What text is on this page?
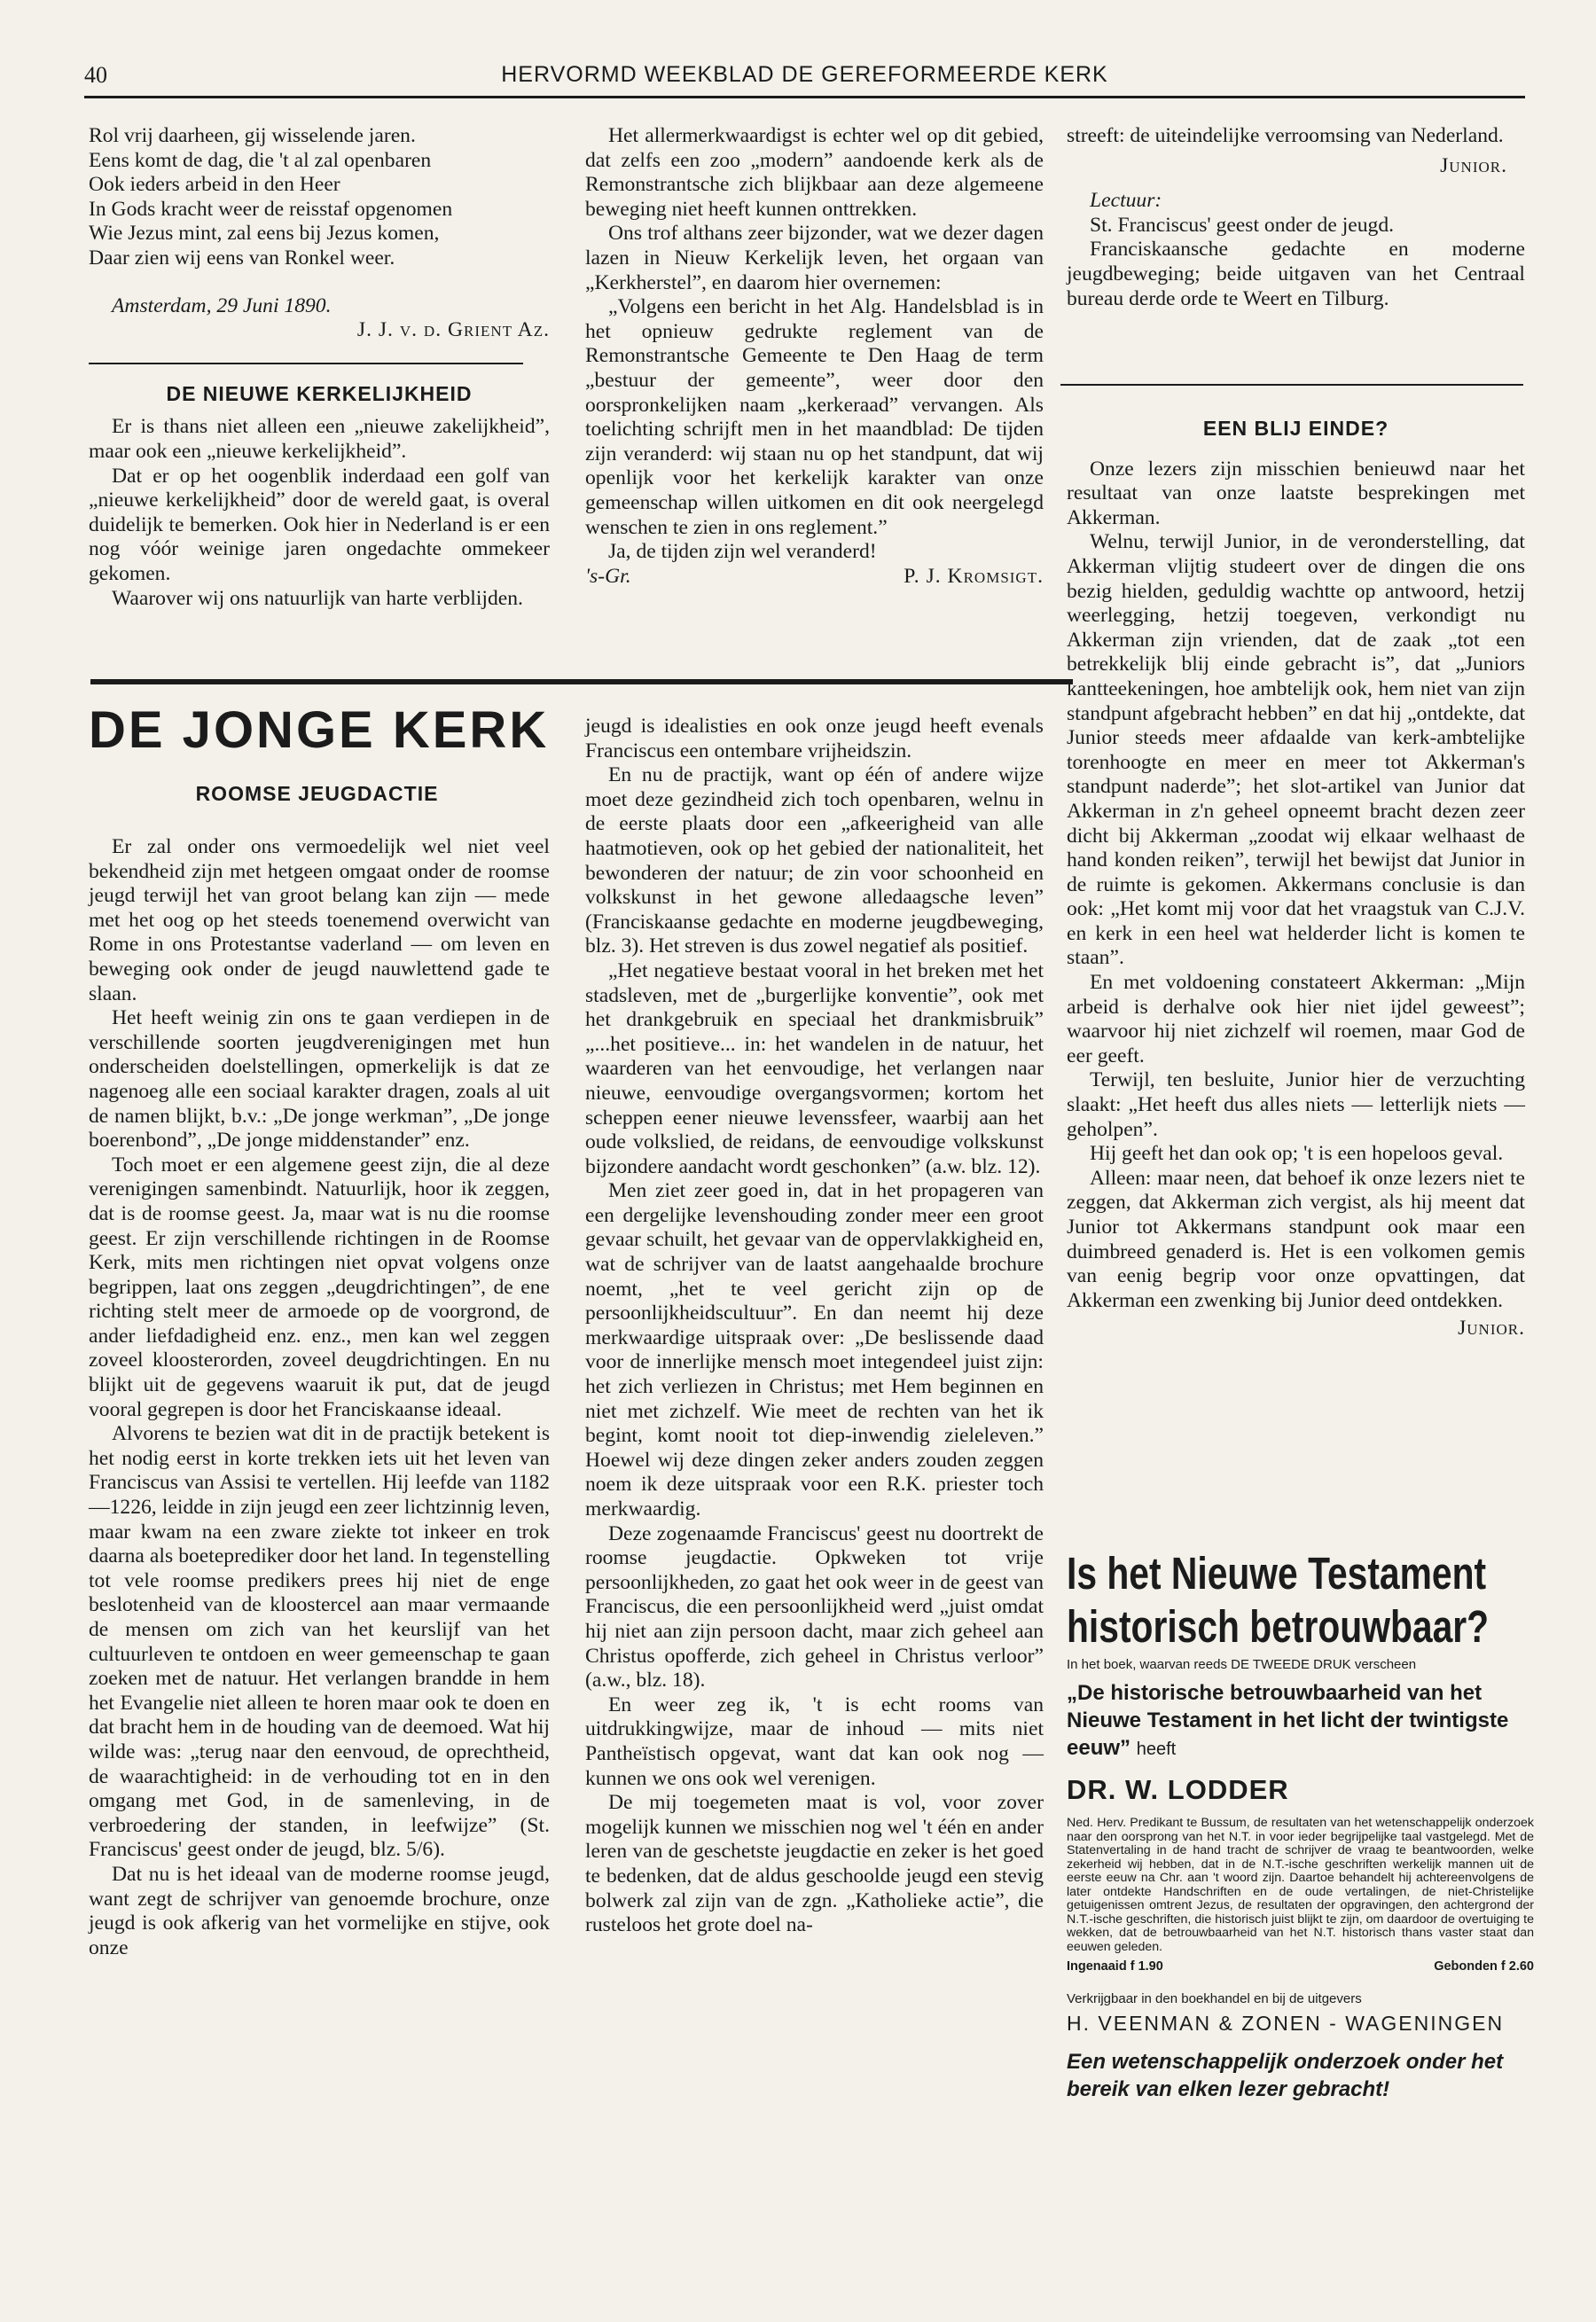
40	HERVORMD WEEKBLAD DE GEREFORMEERDE KERK
Rol vrij daarheen, gij wisselende jaren.
Eens komt de dag, die 't al zal openbaren
Ook ieders arbeid in den Heer
In Gods kracht weer de reisstaf opgenomen
Wie Jezus mint, zal eens bij Jezus komen,
Daar zien wij eens van Ronkel weer.

Amsterdam, 29 Juni 1890.

J. J. v. d. Grient Az.
DE NIEUWE KERKELIJKHEID

Er is thans niet alleen een „nieuwe zakelijkheid”, maar ook een „nieuwe kerkelijkheid”.

Dat er op het oogenblik inderdaad een golf van „nieuwe kerkelijkheid” door de wereld gaat, is overal duidelijk te bemerken. Ook hier in Nederland is er een nog vóór weinige jaren ongedachte ommekeer gekomen.

Waarover wij ons natuurlijk van harte verblijden.

Het allermerkwaardigst is echter wel op dit gebied, dat zelfs een zoo „modern” aandoende kerk als de Remonstrantsche zich blijkbaar aan deze algemeene beweging niet heeft kunnen onttrekken.

Ons trof althans zeer bijzonder, wat we dezer dagen lazen in Nieuw Kerkelijk leven, het orgaan van „Kerkherstel”, en daarom hier overnemen:

„Volgens een bericht in het Alg. Handelsblad is in het opnieuw gedrukte reglement van de Remonstrantsche Gemeente te Den Haag de term „bestuur der gemeente”, weer door den oorspronkelijken naam „kerkeraad” vervangen. Als toelichting schrijft men in het maandblad: De tijden zijn veranderd: wij staan nu op het standpunt, dat wij openlijk voor het kerkelijk karakter van onze gemeenschap willen uitkomen en dit ook neergelegd wenschen te zien in ons reglement.”

Ja, de tijden zijn wel veranderd!

's-Gr.	P. J. Kromsigt.

streeft: de uiteindelijke verroomsing van Nederland.

Junior.

Lectuur:

St. Franciscus' geest onder de jeugd.

Franciskaansche gedachte en moderne jeugdbeweging; beide uitgaven van het Centraal bureau derde orde te Weert en Tilburg.

EEN BLIJ EINDE?

Onze lezers zijn misschien benieuwd naar het resultaat van onze laatste besprekingen met Akkerman.

Welnu, terwijl Junior, in de veronderstelling, dat Akkerman vlijtig studeert over de dingen die ons bezig hielden, geduldig wachtte op antwoord, hetzij weerlegging, hetzij toegeven, verkondigt nu Akkerman zijn vrienden, dat de zaak „tot een betrekkelijk blij einde gebracht is”, dat „Juniors kantteekeningen, hoe ambtelijk ook, hem niet van zijn standpunt afgebracht hebben” en dat hij „ontdekte, dat Junior steeds meer afdaalde van kerk-ambtelijke torenhoogte en meer en meer tot Akkerman's standpunt naderde”; het slot-artikel van Junior dat Akkerman in z'n geheel opneemt bracht dezen zeer dicht bij Akkerman „zoodat wij elkaar welhaast de hand konden reiken”, terwijl het bewijst dat Junior in de ruimte is gekomen. Akkermans conclusie is dan ook: „Het komt mij voor dat het vraagstuk van C.J.V. en kerk in een heel wat helderder licht is komen te staan”.

En met voldoening constateert Akkerman: „Mijn arbeid is derhalve ook hier niet ijdel geweest”; waarvoor hij niet zichzelf wil roemen, maar God de eer geeft.

Terwijl, ten besluite, Junior hier de verzuchting slaakt: „Het heeft dus alles niets — letterlijk niets — geholpen”.

Hij geeft het dan ook op; 't is een hopeloos geval.

Alleen: maar neen, dat behoef ik onze lezers niet te zeggen, dat Akkerman zich vergist, als hij meent dat Junior tot Akkermans standpunt ook maar een duimbreed genaderd is. Het is een volkomen gemis van eenig begrip voor onze opvattingen, dat Akkerman een zwenking bij Junior deed ontdekken.

Junior.
DE JONGE KERK
ROOMSE JEUGDACTIE

Er zal onder ons vermoedelijk wel niet veel bekendheid zijn met hetgeen omgaat onder de roomse jeugd terwijl het van groot belang kan zijn — mede met het oog op het steeds toenemend overwicht van Rome in ons Protestantse vaderland — om leven en beweging ook onder de jeugd nauwlettend gade te slaan.

Het heeft weinig zin ons te gaan verdiepen in de verschillende soorten jeugdverenigingen met hun onderscheiden doelstellingen, opmerkelijk is dat ze nagenoeg alle een sociaal karakter dragen, zoals al uit de namen blijkt, b.v.: „De jonge werkman”, „De jonge boerenbond”, „De jonge middenstander” enz.

Toch moet er een algemene geest zijn, die al deze verenigingen samenbindt. Natuurlijk, hoor ik zeggen, dat is de roomse geest. Ja, maar wat is nu die roomse geest. Er zijn verschillende richtingen in de Roomse Kerk, mits men richtingen niet opvat volgens onze begrippen, laat ons zeggen „deugdrichtingen”, de ene richting stelt meer de armoede op de voorgrond, de ander liefdadigheid enz. enz., men kan wel zeggen zoveel kloosterorden, zoveel deugdrichtingen. En nu blijkt uit de gegevens waaruit ik put, dat de jeugd vooral gegrepen is door het Franciskaanse ideaal.

Alvorens te bezien wat dit in de practijk betekent is het nodig eerst in korte trekken iets uit het leven van Franciscus van Assisi te vertellen. Hij leefde van 1182—1226, leidde in zijn jeugd een zeer lichtzinnig leven, maar kwam na een zware ziekte tot inkeer en trok daarna als boeteprediker door het land. In tegenstelling tot vele roomse predikers prees hij niet de enge beslotenheid van de kloostercel aan maar vermaande de mensen om zich van het keurslijf van het cultuurleven te ontdoen en weer gemeenschap te gaan zoeken met de natuur. Het verlangen brandde in hem het Evangelie niet alleen te horen maar ook te doen en dat bracht hem in de houding van de deemoed. Wat hij wilde was: „terug naar den eenvoud, de oprechtheid, de waarachtigheid: in de verhouding tot en in den omgang met God, in de samenleving, in de verbroedering der standen, in leefwijze” (St. Franciscus' geest onder de jeugd, blz. 5/6).

Dat nu is het ideaal van de moderne roomse jeugd, want zegt de schrijver van genoemde brochure, onze jeugd is ook afkerig van het vormelijke en stijve, ook onze

jeugd is idealisties en ook onze jeugd heeft evenals Franciscus een ontembare vrijheidszin.

En nu de practijk, want op één of andere wijze moet deze gezindheid zich toch openbaren, welnu in de eerste plaats door een „afkeerigheid van alle haatmotieven, ook op het gebied der nationaliteit, het bewonderen der natuur; de zin voor schoonheid en volkskunst in het gewone alledaagsche leven” (Franciskaanse gedachte en moderne jeugdbeweging, blz. 3). Het streven is dus zowel negatief als positief.

„Het negatieve bestaat vooral in het breken met het stadsleven, met de „burgerlijke konventie”, ook met het drankgebruik en speciaal het drankmisbruik” „...het positieve... in: het wandelen in de natuur, het waarderen van het eenvoudige, het verlangen naar nieuwe, eenvoudige overgangsvormen; kortom het scheppen eener nieuwe levenssfeer, waarbij aan het oude volkslied, de reidans, de eenvoudige volkskunst bijzondere aandacht wordt geschonken” (a.w. blz. 12).

Men ziet zeer goed in, dat in het propageren van een dergelijke levenshouding zonder meer een groot gevaar schuilt, het gevaar van de oppervlakkigheid en, wat de schrijver van de laatst aangehaalde brochure noemt, „het te veel gericht zijn op de persoonlijkheidscultuur”. En dan neemt hij deze merkwaardige uitspraak over: „De beslissende daad voor de innerlijke mensch moet integendeel juist zijn: het zich verliezen in Christus; met Hem beginnen en niet met zichzelf. Wie meet de rechten van het ik begint, komt nooit tot diep-inwendig zieleleven.” Hoewel wij deze dingen zeker anders zouden zeggen noem ik deze uitspraak voor een R.K. priester toch merkwaardig.

Deze zogenaamde Franciscus' geest nu doortrekt de roomse jeugdactie. Opkweken tot vrije persoonlijkheden, zo gaat het ook weer in de geest van Franciscus, die een persoonlijkheid werd „juist omdat hij niet aan zijn persoon dacht, maar zich geheel aan Christus opofferde, zich geheel in Christus verloor” (a.w., blz. 18).

En weer zeg ik, 't is echt rooms van uitdrukkingwijze, maar de inhoud — mits niet Pantheïstisch opgevat, want dat kan ook nog — kunnen we ons ook wel verenigen.

De mij toegemeten maat is vol, voor zover mogelijk kunnen we misschien nog wel 't één en ander leren van de geschetste jeugdactie en zeker is het goed te bedenken, dat de aldus geschoolde jeugd een stevig bolwerk zal zijn van de zgn. „Katholieke actie”, die rusteloos het grote doel na-

Is het Nieuwe Testament
historisch betrouwbaar?
In het boek, waarvan reeds DE TWEEDE DRUK verscheen
„De historische betrouwbaarheid van het Nieuwe Testament in het licht der twintigste eeuw” heeft
DR. W. LODDER
Ned. Herv. Predikant te Bussum, de resultaten van het wetenschappelijk onderzoek naar den oorsprong van het N.T. in voor ieder begrijpelijke taal vastgelegd. Met de Statenvertaling in de hand tracht de schrijver de vraag te beantwoorden, welke zekerheid wij hebben, dat in de N.T.-ische geschriften werkelijk mannen uit de eerste eeuw na Chr. aan 't woord zijn. Daartoe behandelt hij achtereenvolgens de later ontdekte Handschriften en de oude vertalingen, de niet-Christelijke getuigenissen omtrent Jezus, de resultaten der opgravingen, den achtergrond der N.T.-ische geschriften, die historisch juist blijkt te zijn, om daardoor de overtuiging te wekken, dat de betrouwbaarheid van het N.T. historisch thans vaster staat dan eeuwen geleden.
Ingenaaid f 1.90	Gebonden f 2.60
Verkrijgbaar in den boekhandel en bij de uitgevers
H. VEENMAN & ZONEN - WAGENINGEN
Een wetenschappelijk onderzoek onder het bereik van elken lezer gebracht!
